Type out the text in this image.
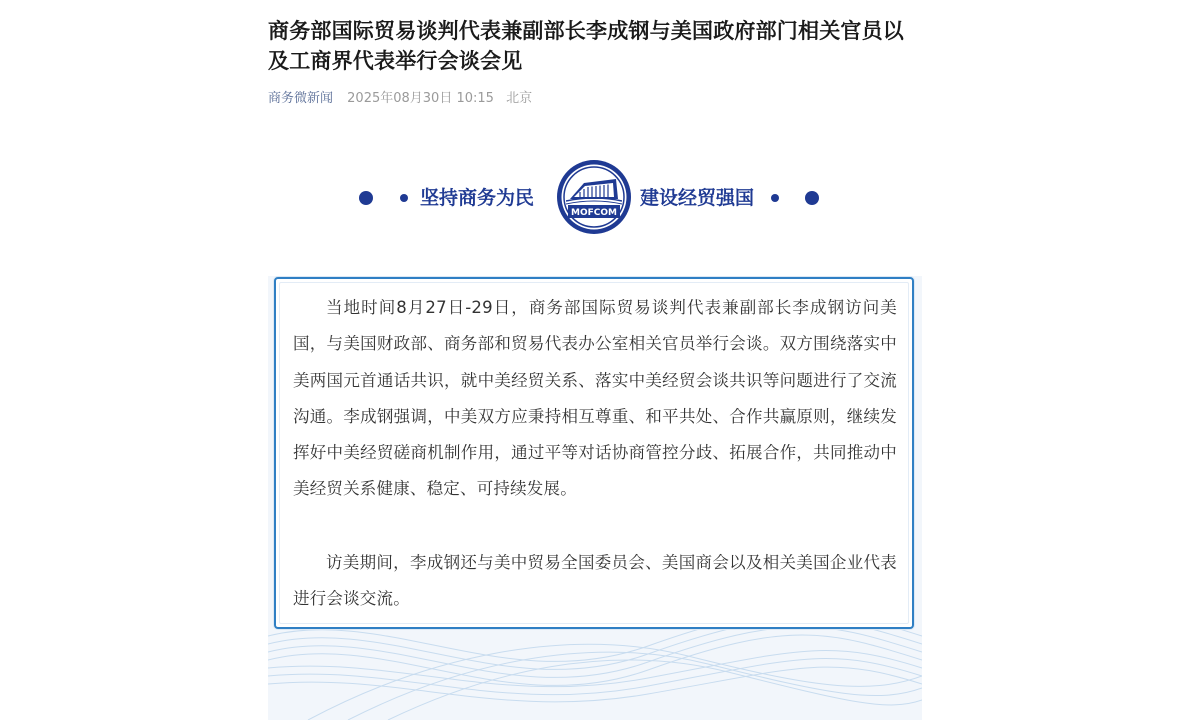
商务部国际贸易谈判代表兼副部长李成钢与美国政府部门相关官员以及工商界代表举行会谈会见
商务微新闻 2025年08月30日 10:15 北京
坚持商务为民
MOFCOM
建设经贸强国

当地时间8月27日-29日，商务部国际贸易谈判代表兼副部长李成钢访问美国，与美国财政部、商务部和贸易代表办公室相关官员举行会谈。双方围绕落实中美两国元首通话共识，就中美经贸关系、落实中美经贸会谈共识等问题进行了交流沟通。李成钢强调，中美双方应秉持相互尊重、和平共处、合作共赢原则，继续发挥好中美经贸磋商机制作用，通过平等对话协商管控分歧、拓展合作，共同推动中美经贸关系健康、稳定、可持续发展。

访美期间，李成钢还与美中贸易全国委员会、美国商会以及相关美国企业代表进行会谈交流。
